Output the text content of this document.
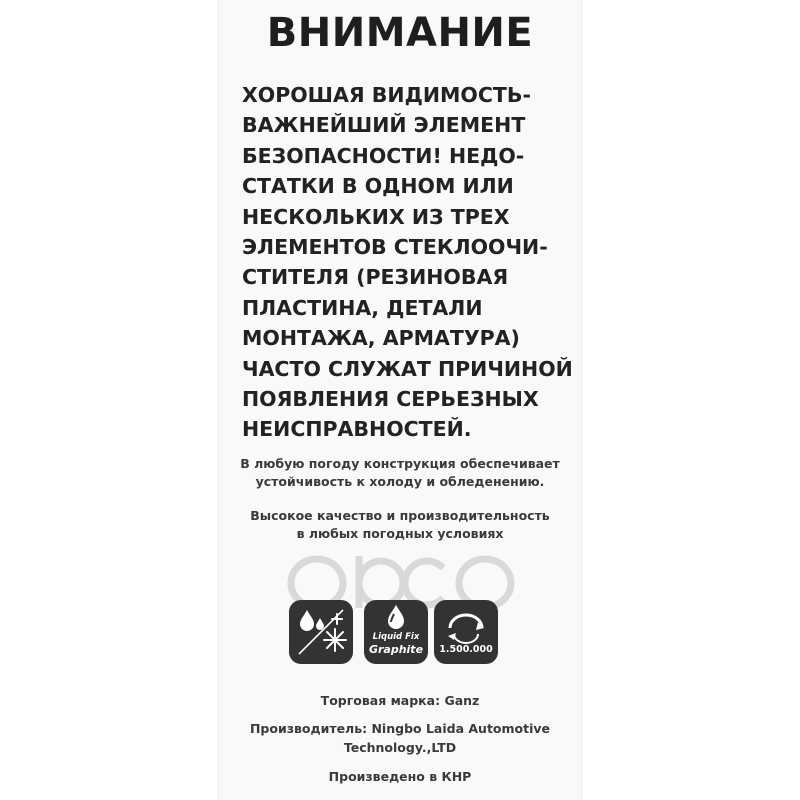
ВНИМАНИЕ
ХОРОШАЯ ВИДИМОСТЬ-
ВАЖНЕЙШИЙ ЭЛЕМЕНТ
БЕЗОПАСНОСТИ! НЕДО-
СТАТКИ В ОДНОМ ИЛИ
НЕСКОЛЬКИХ ИЗ ТРЕХ
ЭЛЕМЕНТОВ СТЕКЛООЧИ-
СТИТЕЛЯ (РЕЗИНОВАЯ
ПЛАСТИНА, ДЕТАЛИ
МОНТАЖА, АРМАТУРА)
ЧАСТО СЛУЖАТ ПРИЧИНОЙ
ПОЯВЛЕНИЯ СЕРЬЕЗНЫХ
НЕИСПРАВНОСТЕЙ.
В любую погоду конструкция обеспечивает
устойчивость к холоду и обледенению.
Высокое качество и производительность
в любых погодных условиях
Liquid Fix
Graphite	1.500.000
Торговая марка: Ganz
Производитель: Ningbo Laida Automotive
Technology.,LTD
Произведено в КНР
